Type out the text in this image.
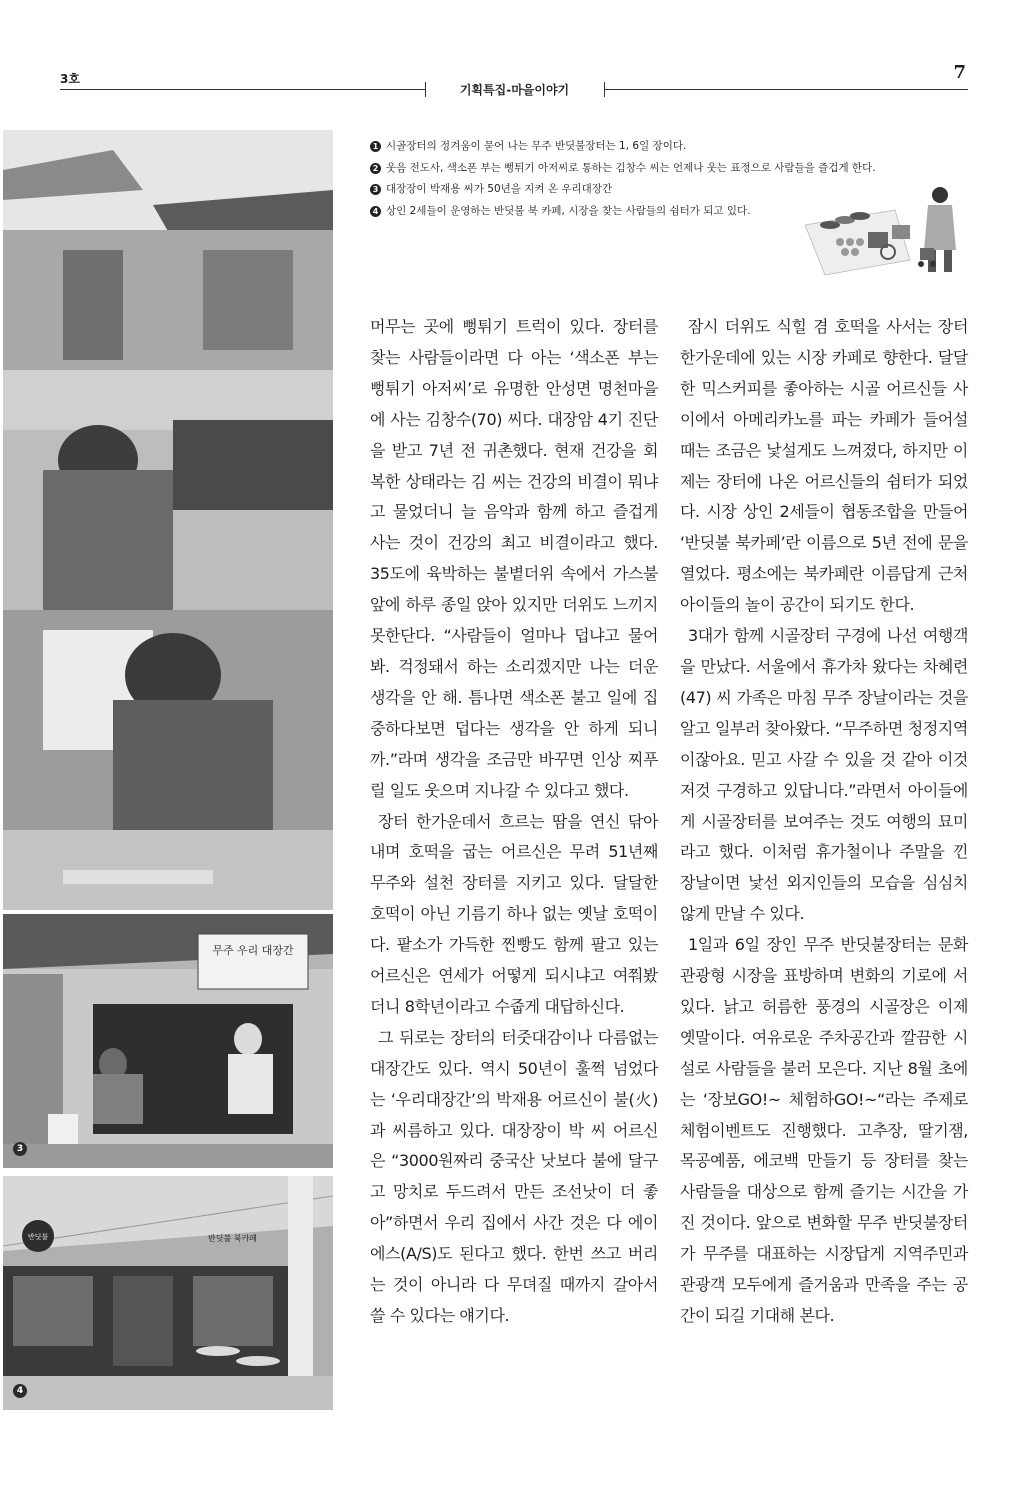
3호
기획특집-마을이야기
7
무주 우리 대장간
3
반딧불	반딧불 북카페
4
1 시골장터의 정겨움이 묻어 나는 무주 반딧불장터는 1, 6일 장이다.
2 웃음 전도사, 색소폰 부는 뻥튀기 아저씨로 통하는 김창수 씨는 언제나 웃는 표정으로 사람들을 즐겁게 한다.
3 대장장이 박재용 씨가 50년을 지켜 온 우리대장간
4 상인 2세들이 운영하는 반딧불 북 카페, 시장을 찾는 사람들의 쉼터가 되고 있다.

머무는 곳에 뻥튀기 트럭이 있다. 장터를 찾는 사람들이라면 다 아는 ‘색소폰 부는 뻥튀기 아저씨’로 유명한 안성면 명천마을에 사는 김창수(70) 씨다. 대장암 4기 진단을 받고 7년 전 귀촌했다. 현재 건강을 회복한 상태라는 김 씨는 건강의 비결이 뭐냐고 물었더니 늘 음악과 함께 하고 즐겁게 사는 것이 건강의 최고 비결이라고 했다. 35도에 육박하는 불볕더위 속에서 가스불 앞에 하루 종일 앉아 있지만 더위도 느끼지 못한단다. “사람들이 얼마나 덥냐고 물어봐. 걱정돼서 하는 소리겠지만 나는 더운 생각을 안 해. 틈나면 색소폰 불고 일에 집중하다보면 덥다는 생각을 안 하게 되니까.”라며 생각을 조금만 바꾸면 인상 찌푸릴 일도 웃으며 지나갈 수 있다고 했다.

장터 한가운데서 흐르는 땀을 연신 닦아 내며 호떡을 굽는 어르신은 무려 51년째 무주와 설천 장터를 지키고 있다. 달달한 호떡이 아닌 기름기 하나 없는 옛날 호떡이다. 팥소가 가득한 찐빵도 함께 팔고 있는 어르신은 연세가 어떻게 되시냐고 여쭤봤더니 8학년이라고 수줍게 대답하신다.

그 뒤로는 장터의 터줏대감이나 다름없는 대장간도 있다. 역시 50년이 훌쩍 넘었다는 ‘우리대장간’의 박재용 어르신이 불(火)과 씨름하고 있다. 대장장이 박 씨 어르신은 “3000원짜리 중국산 낫보다 불에 달구고 망치로 두드려서 만든 조선낫이 더 좋아”하면서 우리 집에서 사간 것은 다 에이에스(A/S)도 된다고 했다. 한번 쓰고 버리는 것이 아니라 다 무뎌질 때까지 갈아서 쓸 수 있다는 얘기다.

잠시 더위도 식힐 겸 호떡을 사서는 장터 한가운데에 있는 시장 카페로 향한다. 달달한 믹스커피를 좋아하는 시골 어르신들 사이에서 아메리카노를 파는 카페가 들어설 때는 조금은 낯설게도 느껴졌다, 하지만 이제는 장터에 나온 어르신들의 쉼터가 되었다. 시장 상인 2세들이 협동조합을 만들어 ‘반딧불 북카페’란 이름으로 5년 전에 문을 열었다. 평소에는 북카페란 이름답게 근처 아이들의 놀이 공간이 되기도 한다.

3대가 함께 시골장터 구경에 나선 여행객을 만났다. 서울에서 휴가차 왔다는 차혜련(47) 씨 가족은 마침 무주 장날이라는 것을 알고 일부러 찾아왔다. “무주하면 청정지역이잖아요. 믿고 사갈 수 있을 것 같아 이것저것 구경하고 있답니다.”라면서 아이들에게 시골장터를 보여주는 것도 여행의 묘미라고 했다. 이처럼 휴가철이나 주말을 낀 장날이면 낯선 외지인들의 모습을 심심치 않게 만날 수 있다.

1일과 6일 장인 무주 반딧불장터는 문화관광형 시장을 표방하며 변화의 기로에 서 있다. 낡고 허름한 풍경의 시골장은 이제 옛말이다. 여유로운 주차공간과 깔끔한 시설로 사람들을 불러 모은다. 지난 8월 초에는 ‘장보GO!~ 체험하GO!~“라는 주제로 체험이벤트도 진행했다. 고추장, 딸기잼, 목공예품, 에코백 만들기 등 장터를 찾는 사람들을 대상으로 함께 즐기는 시간을 가진 것이다. 앞으로 변화할 무주 반딧불장터가 무주를 대표하는 시장답게 지역주민과 관광객 모두에게 즐거움과 만족을 주는 공간이 되길 기대해 본다.
